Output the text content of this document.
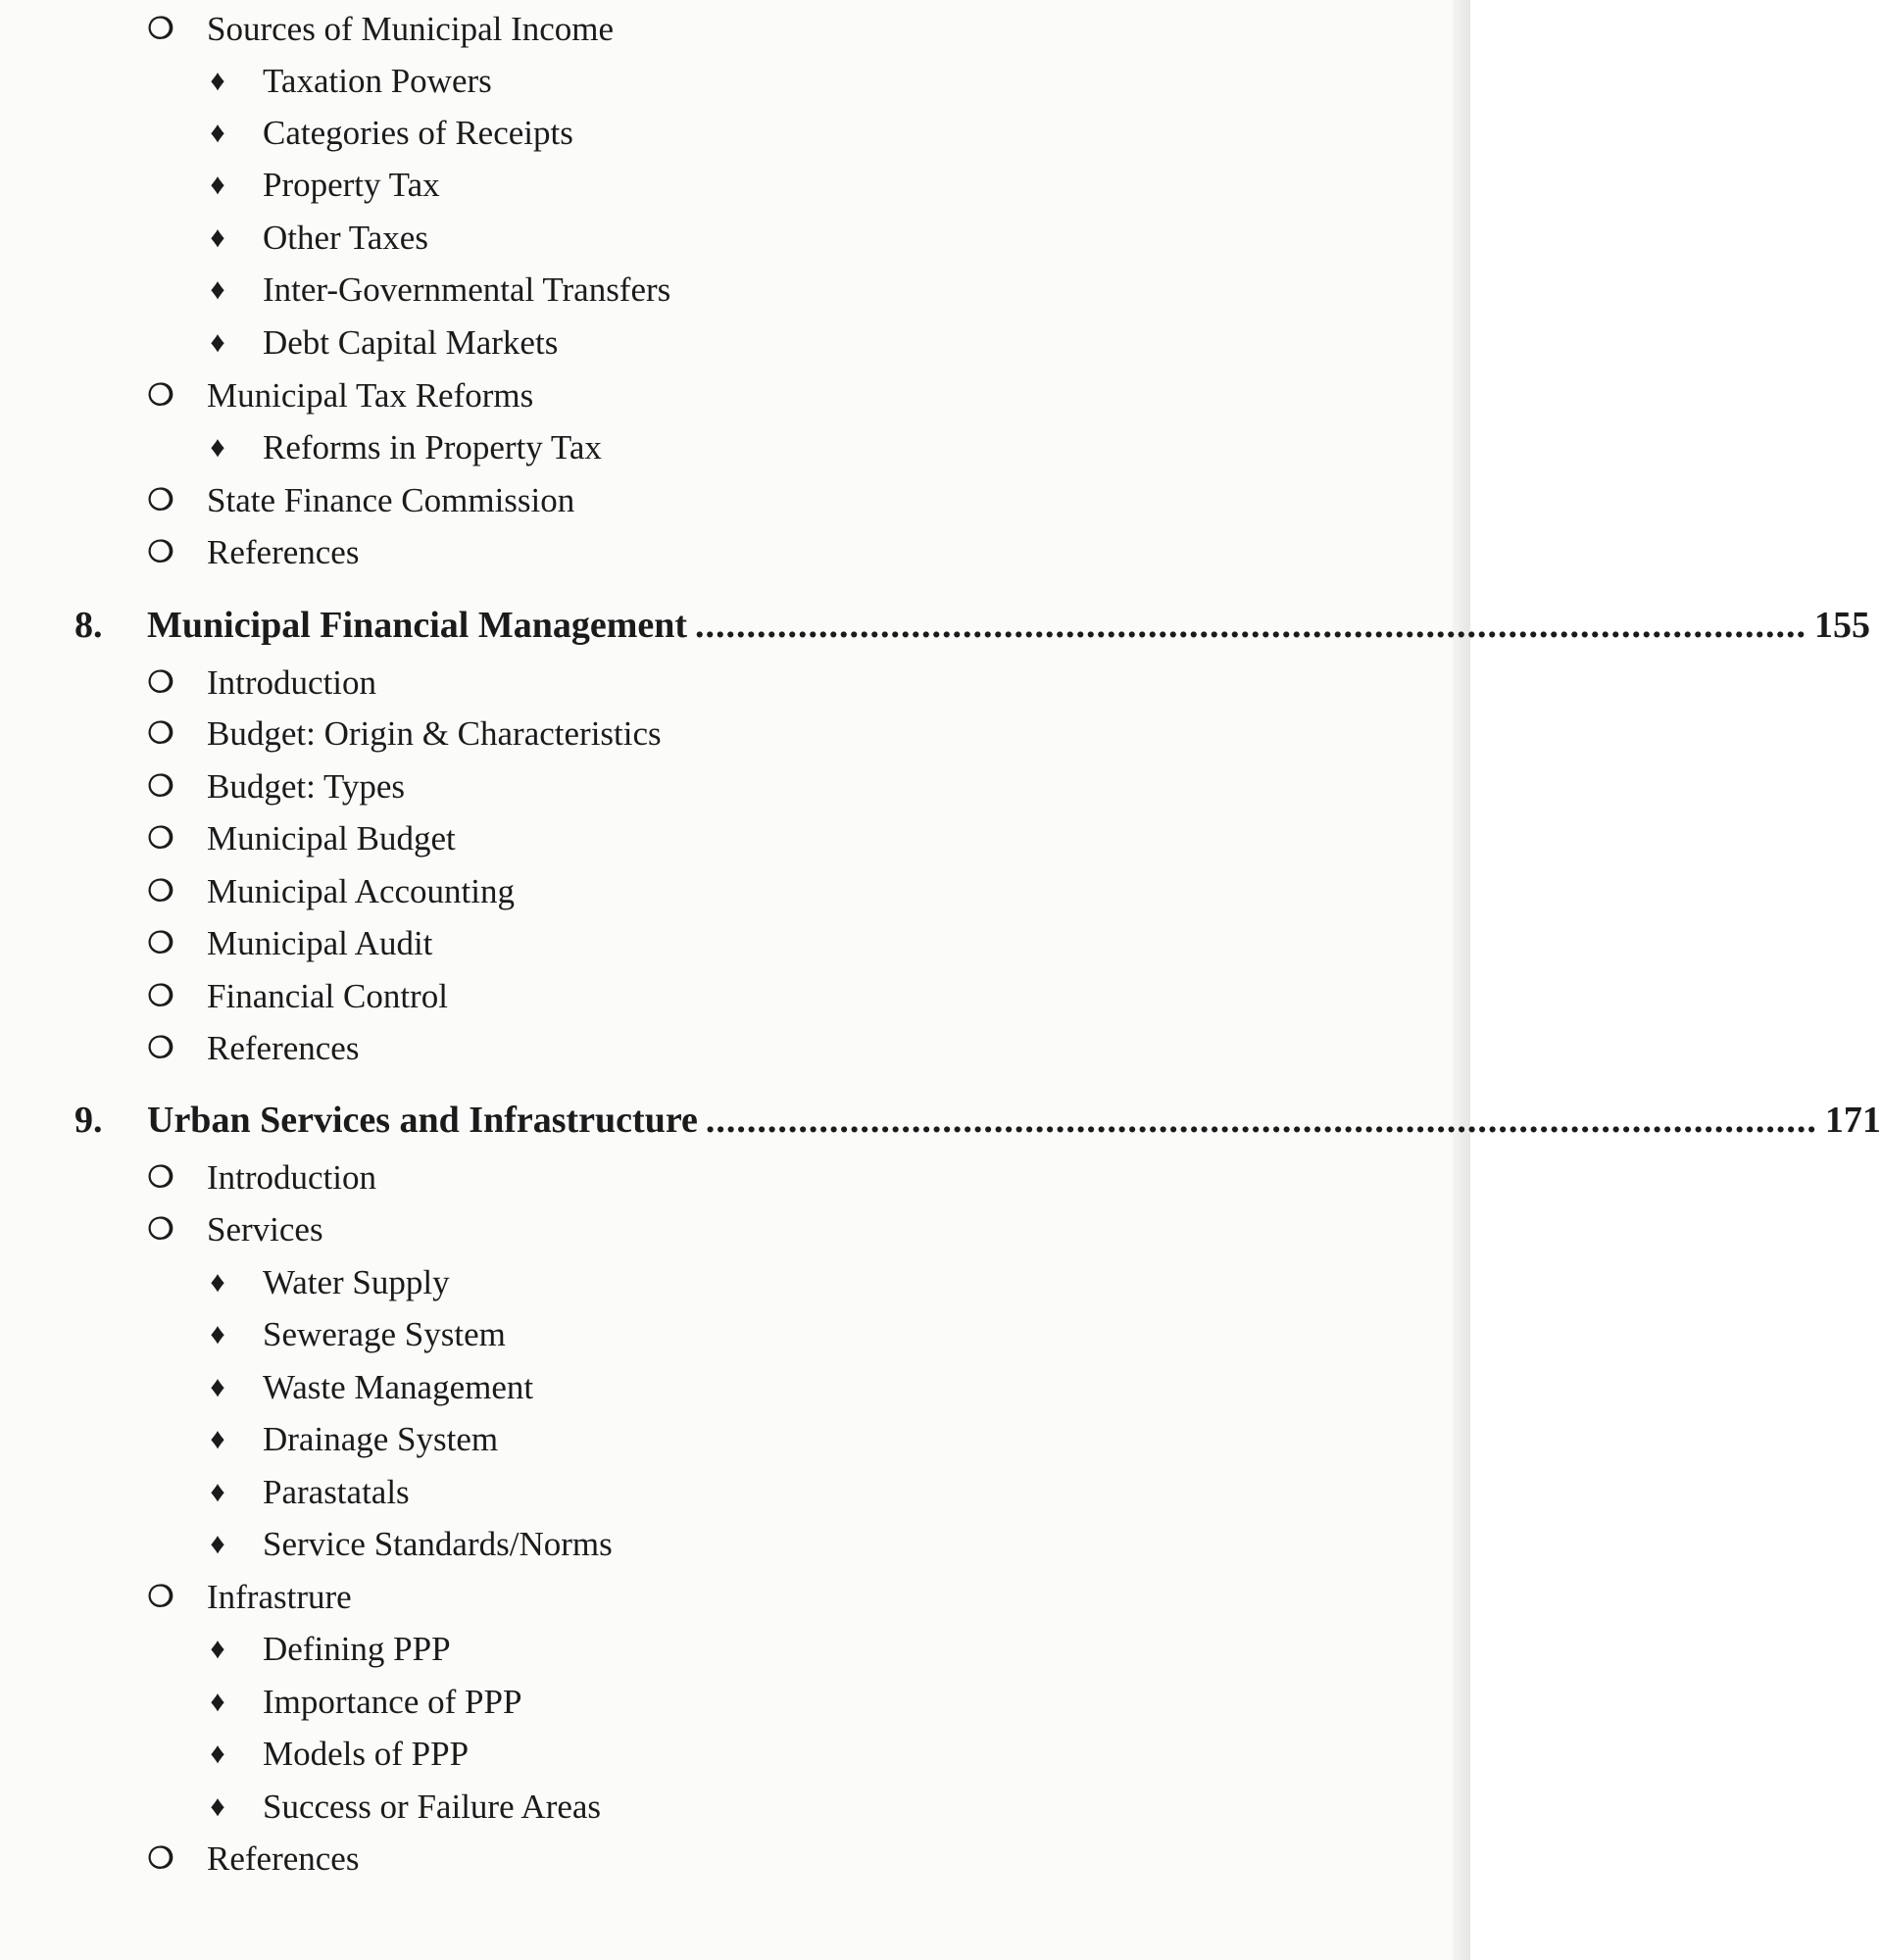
❍ Sources of Municipal Income
♦ Taxation Powers
♦ Categories of Receipts
♦ Property Tax
♦ Other Taxes
♦ Inter-Governmental Transfers
♦ Debt Capital Markets
❍ Municipal Tax Reforms
♦ Reforms in Property Tax
❍ State Finance Commission
❍ References
8. Municipal Financial Management ............................................................................................................ 155
❍ Introduction
❍ Budget: Origin & Characteristics
❍ Budget: Types
❍ Municipal Budget
❍ Municipal Accounting
❍ Municipal Audit
❍ Financial Control
❍ References
9. Urban Services and Infrastructure ............................................................................................................ 171
❍ Introduction
❍ Services
♦ Water Supply
♦ Sewerage System
♦ Waste Management
♦ Drainage System
♦ Parastatals
♦ Service Standards/Norms
❍ Infrastrure
♦ Defining PPP
♦ Importance of PPP
♦ Models of PPP
♦ Success or Failure Areas
❍ References
